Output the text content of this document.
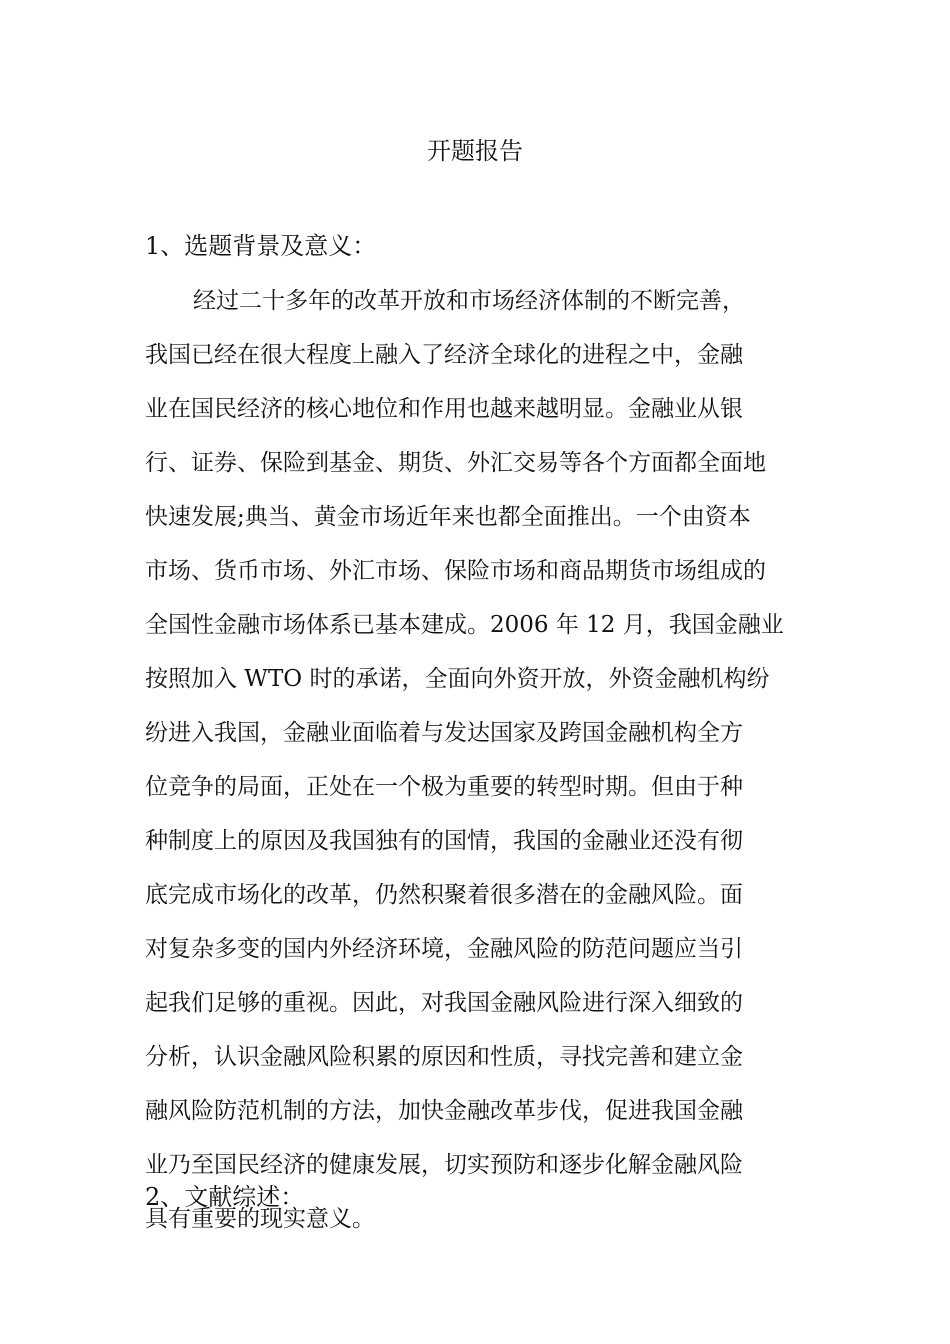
开题报告
1、选题背景及意义：
经过二十多年的改革开放和市场经济体制的不断完善，
我国已经在很大程度上融入了经济全球化的进程之中，金融
业在国民经济的核心地位和作用也越来越明显。金融业从银
行、证券、保险到基金、期货、外汇交易等各个方面都全面地
快速发展;典当、黄金市场近年来也都全面推出。一个由资本
市场、货币市场、外汇市场、保险市场和商品期货市场组成的
全国性金融市场体系已基本建成。2006 年 12 月，我国金融业
按照加入 WTO 时的承诺，全面向外资开放，外资金融机构纷
纷进入我国，金融业面临着与发达国家及跨国金融机构全方
位竞争的局面，正处在一个极为重要的转型时期。但由于种
种制度上的原因及我国独有的国情，我国的金融业还没有彻
底完成市场化的改革，仍然积聚着很多潜在的金融风险。面
对复杂多变的国内外经济环境，金融风险的防范问题应当引
起我们足够的重视。因此，对我国金融风险进行深入细致的
分析，认识金融风险积累的原因和性质，寻找完善和建立金
融风险防范机制的方法，加快金融改革步伐，促进我国金融
业乃至国民经济的健康发展，切实预防和逐步化解金融风险
具有重要的现实意义。
2、文献综述：
